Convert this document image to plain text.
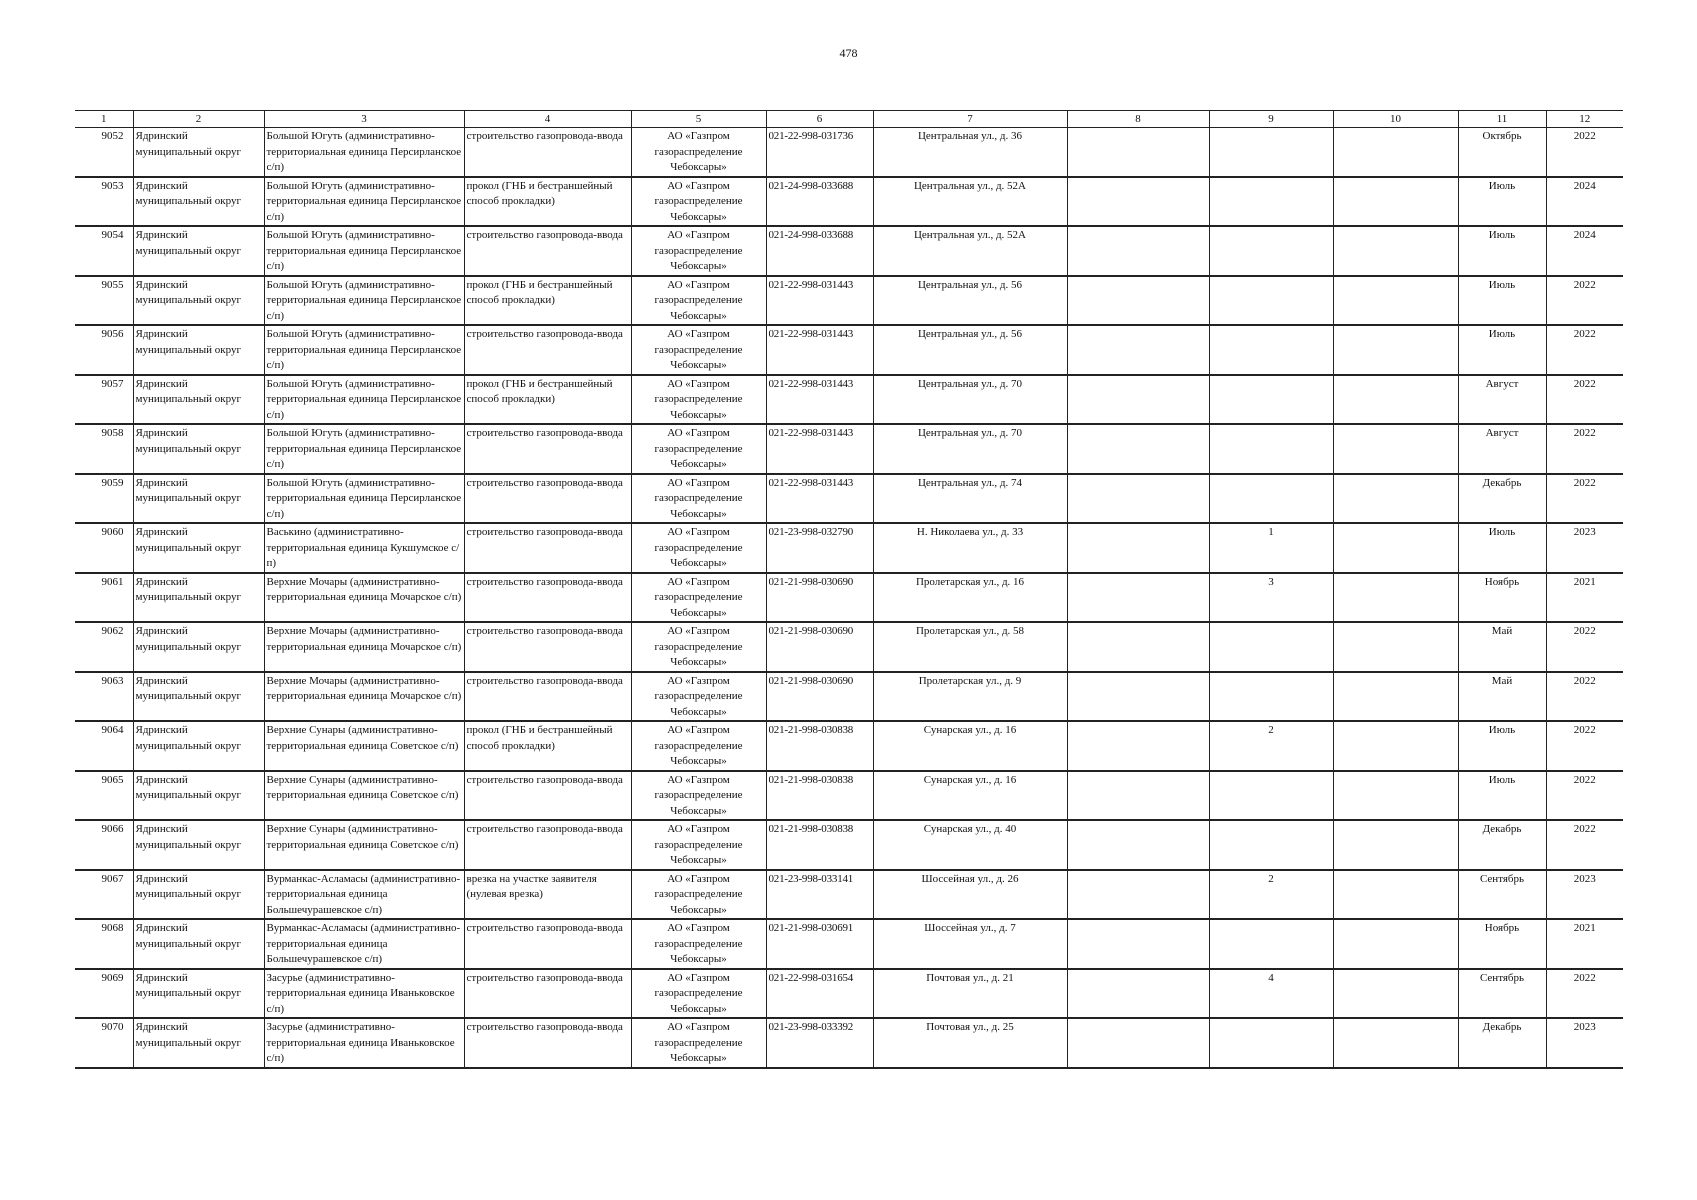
478
1	2	3	4	5	6	7	8	9	10	11	12
9052	Ядринский муниципальный округ	Большой Югуть (административно-территориальная единица Персирланское с/п)	строительство газопровода-ввода	АО «Газпром газораспределение Чебоксары»	021-22-998-031736	Центральная ул., д. 36				Октябрь	2022
9053	Ядринский муниципальный округ	Большой Югуть (административно-территориальная единица Персирланское с/п)	прокол (ГНБ и бестраншейный способ прокладки)	АО «Газпром газораспределение Чебоксары»	021-24-998-033688	Центральная ул., д. 52А				Июль	2024
9054	Ядринский муниципальный округ	Большой Югуть (административно-территориальная единица Персирланское с/п)	строительство газопровода-ввода	АО «Газпром газораспределение Чебоксары»	021-24-998-033688	Центральная ул., д. 52А				Июль	2024
9055	Ядринский муниципальный округ	Большой Югуть (административно-территориальная единица Персирланское с/п)	прокол (ГНБ и бестраншейный способ прокладки)	АО «Газпром газораспределение Чебоксары»	021-22-998-031443	Центральная ул., д. 56				Июль	2022
9056	Ядринский муниципальный округ	Большой Югуть (административно-территориальная единица Персирланское с/п)	строительство газопровода-ввода	АО «Газпром газораспределение Чебоксары»	021-22-998-031443	Центральная ул., д. 56				Июль	2022
9057	Ядринский муниципальный округ	Большой Югуть (административно-территориальная единица Персирланское с/п)	прокол (ГНБ и бестраншейный способ прокладки)	АО «Газпром газораспределение Чебоксары»	021-22-998-031443	Центральная ул., д. 70				Август	2022
9058	Ядринский муниципальный округ	Большой Югуть (административно-территориальная единица Персирланское с/п)	строительство газопровода-ввода	АО «Газпром газораспределение Чебоксары»	021-22-998-031443	Центральная ул., д. 70				Август	2022
9059	Ядринский муниципальный округ	Большой Югуть (административно-территориальная единица Персирланское с/п)	строительство газопровода-ввода	АО «Газпром газораспределение Чебоксары»	021-22-998-031443	Центральная ул., д. 74				Декабрь	2022
9060	Ядринский муниципальный округ	Васькино (административно-территориальная единица Кукшумское с/п)	строительство газопровода-ввода	АО «Газпром газораспределение Чебоксары»	021-23-998-032790	Н. Николаева ул., д. 33		1		Июль	2023
9061	Ядринский муниципальный округ	Верхние Мочары (административно-территориальная единица Мочарское с/п)	строительство газопровода-ввода	АО «Газпром газораспределение Чебоксары»	021-21-998-030690	Пролетарская ул., д. 16		3		Ноябрь	2021
9062	Ядринский муниципальный округ	Верхние Мочары (административно-территориальная единица Мочарское с/п)	строительство газопровода-ввода	АО «Газпром газораспределение Чебоксары»	021-21-998-030690	Пролетарская ул., д. 58				Май	2022
9063	Ядринский муниципальный округ	Верхние Мочары (административно-территориальная единица Мочарское с/п)	строительство газопровода-ввода	АО «Газпром газораспределение Чебоксары»	021-21-998-030690	Пролетарская ул., д. 9				Май	2022
9064	Ядринский муниципальный округ	Верхние Сунары (административно-территориальная единица Советское с/п)	прокол (ГНБ и бестраншейный способ прокладки)	АО «Газпром газораспределение Чебоксары»	021-21-998-030838	Сунарская ул., д. 16		2		Июль	2022
9065	Ядринский муниципальный округ	Верхние Сунары (административно-территориальная единица Советское с/п)	строительство газопровода-ввода	АО «Газпром газораспределение Чебоксары»	021-21-998-030838	Сунарская ул., д. 16				Июль	2022
9066	Ядринский муниципальный округ	Верхние Сунары (административно-территориальная единица Советское с/п)	строительство газопровода-ввода	АО «Газпром газораспределение Чебоксары»	021-21-998-030838	Сунарская ул., д. 40				Декабрь	2022
9067	Ядринский муниципальный округ	Вурманкас-Асламасы (административно-территориальная единица Большечурашевское с/п)	врезка на участке заявителя (нулевая врезка)	АО «Газпром газораспределение Чебоксары»	021-23-998-033141	Шоссейная ул., д. 26		2		Сентябрь	2023
9068	Ядринский муниципальный округ	Вурманкас-Асламасы (административно-территориальная единица Большечурашевское с/п)	строительство газопровода-ввода	АО «Газпром газораспределение Чебоксары»	021-21-998-030691	Шоссейная ул., д. 7				Ноябрь	2021
9069	Ядринский муниципальный округ	Засурье (административно-территориальная единица Иваньковское с/п)	строительство газопровода-ввода	АО «Газпром газораспределение Чебоксары»	021-22-998-031654	Почтовая ул., д. 21		4		Сентябрь	2022
9070	Ядринский муниципальный округ	Засурье (административно-территориальная единица Иваньковское с/п)	строительство газопровода-ввода	АО «Газпром газораспределение Чебоксары»	021-23-998-033392	Почтовая ул., д. 25				Декабрь	2023
